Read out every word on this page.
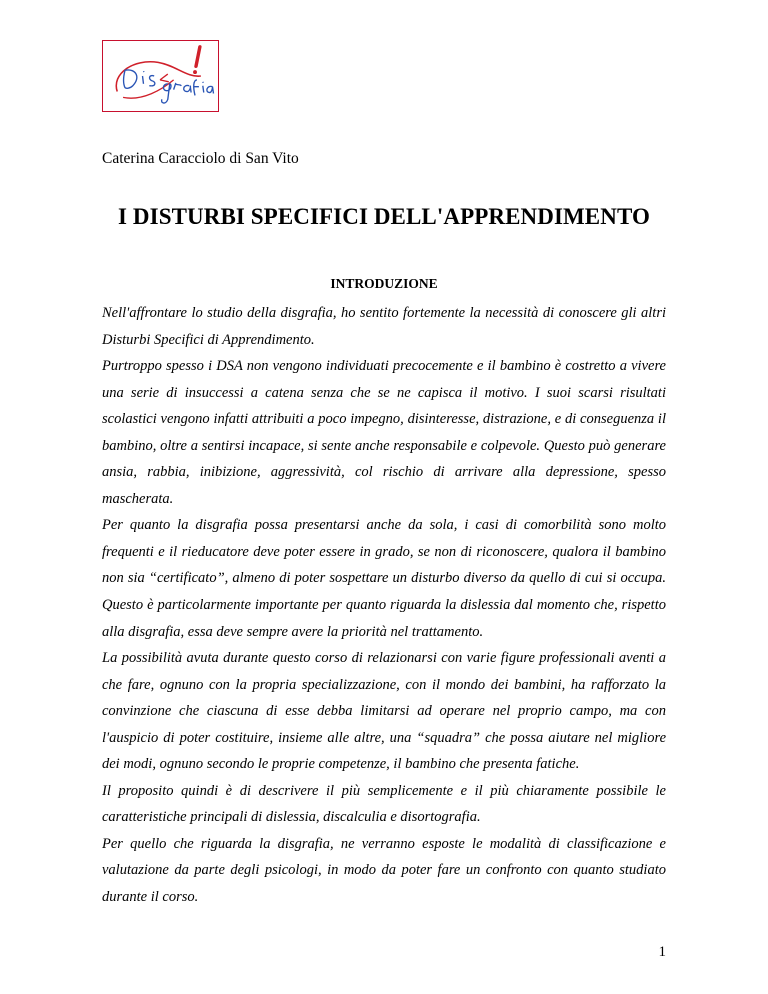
Caterina Caracciolo di San Vito
I DISTURBI SPECIFICI DELL'APPRENDIMENTO
INTRODUZIONE

Nell'affrontare lo studio della disgrafia, ho sentito fortemente la necessità di conoscere gli altri Disturbi Specifici di Apprendimento.

Purtroppo spesso i DSA non vengono individuati precocemente e il bambino è costretto a vivere una serie di insuccessi a catena senza che se ne capisca il motivo. I suoi scarsi risultati scolastici vengono infatti attribuiti a poco impegno, disinteresse, distrazione, e di conseguenza il bambino, oltre a sentirsi incapace, si sente anche responsabile e colpevole. Questo può generare ansia, rabbia, inibizione, aggressività, col rischio di arrivare alla depressione, spesso mascherata.

Per quanto la disgrafia possa presentarsi anche da sola, i casi di comorbilità sono molto frequenti e il rieducatore deve poter essere in grado, se non di riconoscere, qualora il bambino non sia “certificato”, almeno di poter sospettare un disturbo diverso da quello di cui si occupa. Questo è particolarmente importante per quanto riguarda la dislessia dal momento che, rispetto alla disgrafia, essa deve sempre avere la priorità nel trattamento.

La possibilità avuta durante questo corso di relazionarsi con varie figure professionali aventi a che fare, ognuno con la propria specializzazione, con il mondo dei bambini, ha rafforzato la convinzione che ciascuna di esse debba limitarsi ad operare nel proprio campo, ma con l'auspicio di poter costituire, insieme alle altre, una “squadra” che possa aiutare nel migliore dei modi, ognuno secondo le proprie competenze, il bambino che presenta fatiche.

Il proposito quindi è di descrivere il più semplicemente e il più chiaramente possibile le caratteristiche principali di dislessia, discalculia e disortografia.

Per quello che riguarda la disgrafia, ne verranno esposte le modalità di classificazione e valutazione da parte degli psicologi, in modo da poter fare un confronto con quanto studiato durante il corso.

1
